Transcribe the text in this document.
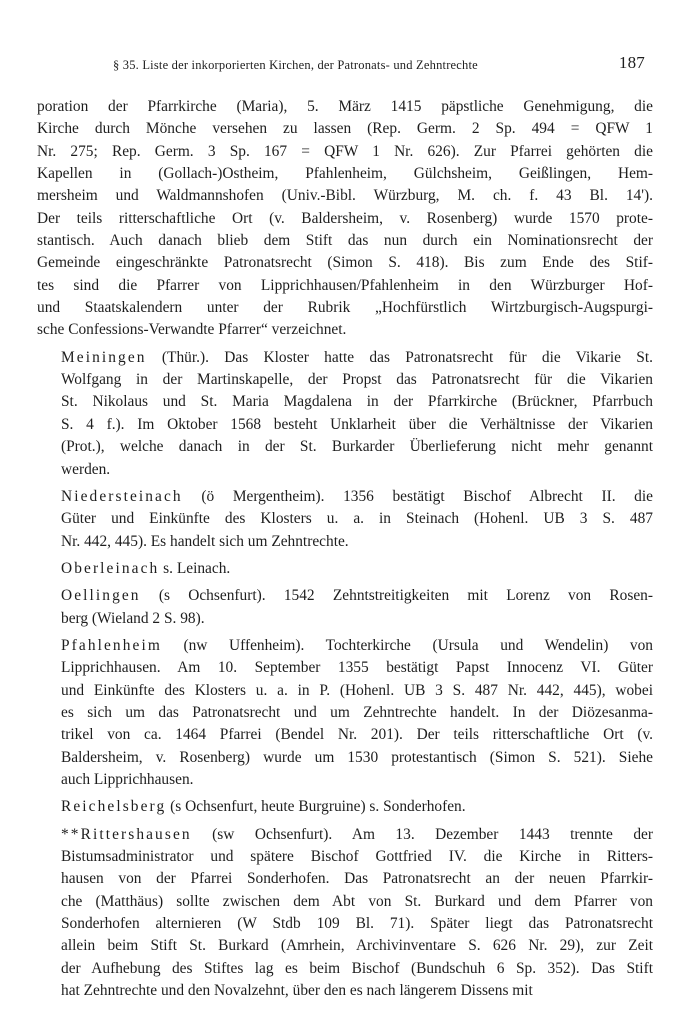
§ 35. Liste der inkorporierten Kirchen, der Patronats- und Zehntrechte	187
poration der Pfarrkirche (Maria), 5. März 1415 päpstliche Genehmigung, die
Kirche durch Mönche versehen zu lassen (Rep. Germ. 2 Sp. 494 = QFW 1
Nr. 275; Rep. Germ. 3 Sp. 167 = QFW 1 Nr. 626). Zur Pfarrei gehörten die
Kapellen in (Gollach-)Ostheim, Pfahlenheim, Gülchsheim, Geißlingen, Hem-
mersheim und Waldmannshofen (Univ.-Bibl. Würzburg, M. ch. f. 43 Bl. 14').
Der teils ritterschaftliche Ort (v. Baldersheim, v. Rosenberg) wurde 1570 prote-
stantisch. Auch danach blieb dem Stift das nun durch ein Nominationsrecht der
Gemeinde eingeschränkte Patronatsrecht (Simon S. 418). Bis zum Ende des Stif-
tes sind die Pfarrer von Lipprichhausen/Pfahlenheim in den Würzburger Hof-
und Staatskalendern unter der Rubrik „Hochfürstlich Wirtzburgisch-Augspurgi-
sche Confessions-Verwandte Pfarrer“ verzeichnet.
Meiningen (Thür.). Das Kloster hatte das Patronatsrecht für die Vikarie St.
Wolfgang in der Martinskapelle, der Propst das Patronatsrecht für die Vikarien
St. Nikolaus und St. Maria Magdalena in der Pfarrkirche (Brückner, Pfarrbuch
S. 4 f.). Im Oktober 1568 besteht Unklarheit über die Verhältnisse der Vikarien
(Prot.), welche danach in der St. Burkarder Überlieferung nicht mehr genannt
werden.
Niedersteinach (ö Mergentheim). 1356 bestätigt Bischof Albrecht II. die
Güter und Einkünfte des Klosters u. a. in Steinach (Hohenl. UB 3 S. 487
Nr. 442, 445). Es handelt sich um Zehntrechte.
Oberleinach s. Leinach.
Oellingen (s Ochsenfurt). 1542 Zehntstreitigkeiten mit Lorenz von Rosen-
berg (Wieland 2 S. 98).
Pfahlenheim (nw Uffenheim). Tochterkirche (Ursula und Wendelin) von
Lipprichhausen. Am 10. September 1355 bestätigt Papst Innocenz VI. Güter
und Einkünfte des Klosters u. a. in P. (Hohenl. UB 3 S. 487 Nr. 442, 445), wobei
es sich um das Patronatsrecht und um Zehntrechte handelt. In der Diözesanma-
trikel von ca. 1464 Pfarrei (Bendel Nr. 201). Der teils ritterschaftliche Ort (v.
Baldersheim, v. Rosenberg) wurde um 1530 protestantisch (Simon S. 521). Siehe
auch Lipprichhausen.
Reichelsberg (s Ochsenfurt, heute Burgruine) s. Sonderhofen.
**Rittershausen (sw Ochsenfurt). Am 13. Dezember 1443 trennte der
Bistumsadministrator und spätere Bischof Gottfried IV. die Kirche in Ritters-
hausen von der Pfarrei Sonderhofen. Das Patronatsrecht an der neuen Pfarrkir-
che (Matthäus) sollte zwischen dem Abt von St. Burkard und dem Pfarrer von
Sonderhofen alternieren (W Stdb 109 Bl. 71). Später liegt das Patronatsrecht
allein beim Stift St. Burkard (Amrhein, Archivinventare S. 626 Nr. 29), zur Zeit
der Aufhebung des Stiftes lag es beim Bischof (Bundschuh 6 Sp. 352). Das Stift
hat Zehntrechte und den Novalzehnt, über den es nach längerem Dissens mit
